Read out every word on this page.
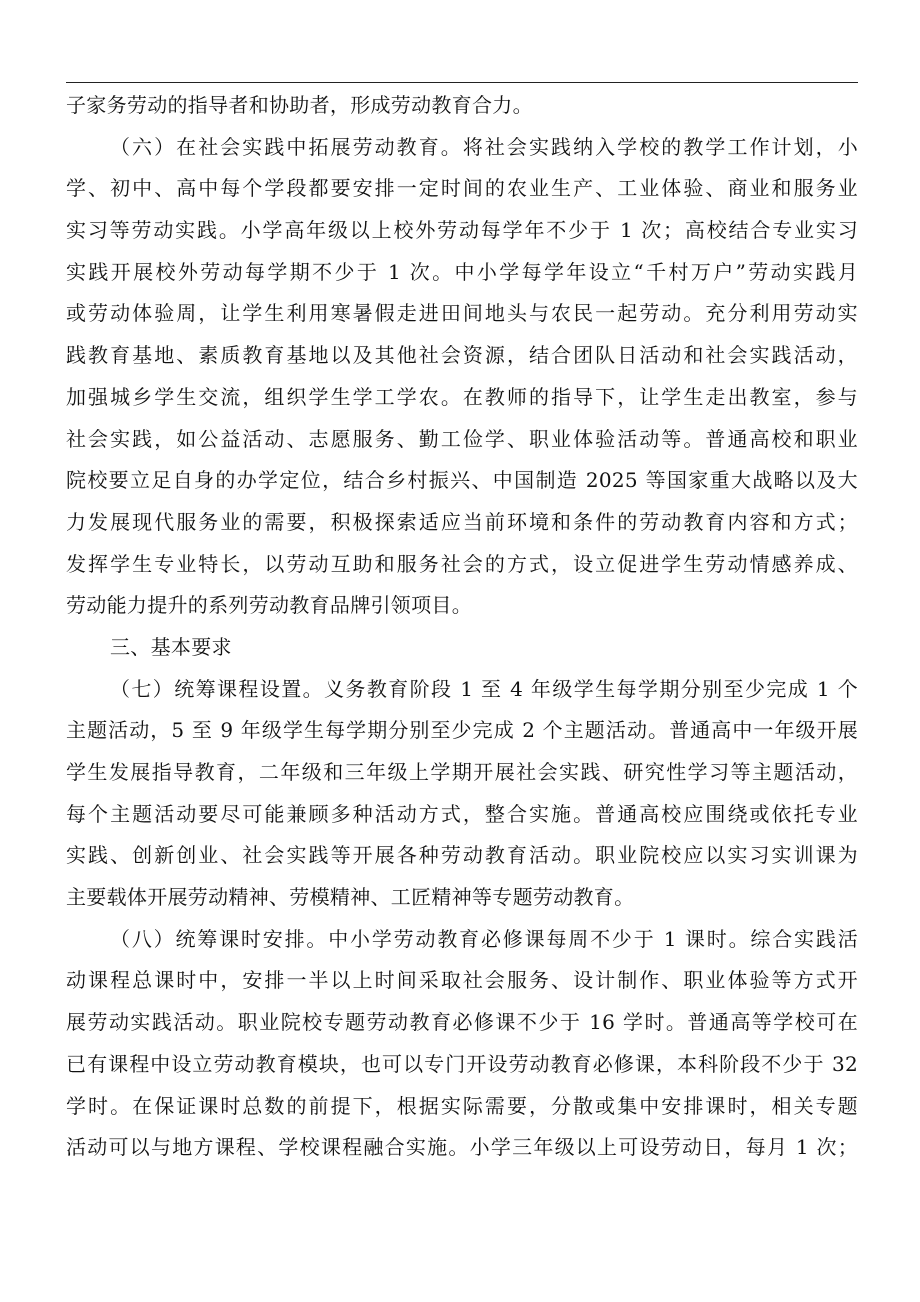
子家务劳动的指导者和协助者，形成劳动教育合力。
（六）在社会实践中拓展劳动教育。将社会实践纳入学校的教学工作计划，小
学、初中、高中每个学段都要安排一定时间的农业生产、工业体验、商业和服务业
实习等劳动实践。小学高年级以上校外劳动每学年不少于 1 次；高校结合专业实习
实践开展校外劳动每学期不少于 1 次。中小学每学年设立“千村万户”劳动实践月
或劳动体验周，让学生利用寒暑假走进田间地头与农民一起劳动。充分利用劳动实
践教育基地、素质教育基地以及其他社会资源，结合团队日活动和社会实践活动，
加强城乡学生交流，组织学生学工学农。在教师的指导下，让学生走出教室，参与
社会实践，如公益活动、志愿服务、勤工俭学、职业体验活动等。普通高校和职业
院校要立足自身的办学定位，结合乡村振兴、中国制造 2025 等国家重大战略以及大
力发展现代服务业的需要，积极探索适应当前环境和条件的劳动教育内容和方式；
发挥学生专业特长，以劳动互助和服务社会的方式，设立促进学生劳动情感养成、
劳动能力提升的系列劳动教育品牌引领项目。
三、基本要求
（七）统筹课程设置。义务教育阶段 1 至 4 年级学生每学期分别至少完成 1 个
主题活动，5 至 9 年级学生每学期分别至少完成 2 个主题活动。普通高中一年级开展
学生发展指导教育，二年级和三年级上学期开展社会实践、研究性学习等主题活动，
每个主题活动要尽可能兼顾多种活动方式，整合实施。普通高校应围绕或依托专业
实践、创新创业、社会实践等开展各种劳动教育活动。职业院校应以实习实训课为
主要载体开展劳动精神、劳模精神、工匠精神等专题劳动教育。
（八）统筹课时安排。中小学劳动教育必修课每周不少于 1 课时。综合实践活
动课程总课时中，安排一半以上时间采取社会服务、设计制作、职业体验等方式开
展劳动实践活动。职业院校专题劳动教育必修课不少于 16 学时。普通高等学校可在
已有课程中设立劳动教育模块，也可以专门开设劳动教育必修课，本科阶段不少于 32
学时。在保证课时总数的前提下，根据实际需要，分散或集中安排课时，相关专题
活动可以与地方课程、学校课程融合实施。小学三年级以上可设劳动日，每月 1 次；
